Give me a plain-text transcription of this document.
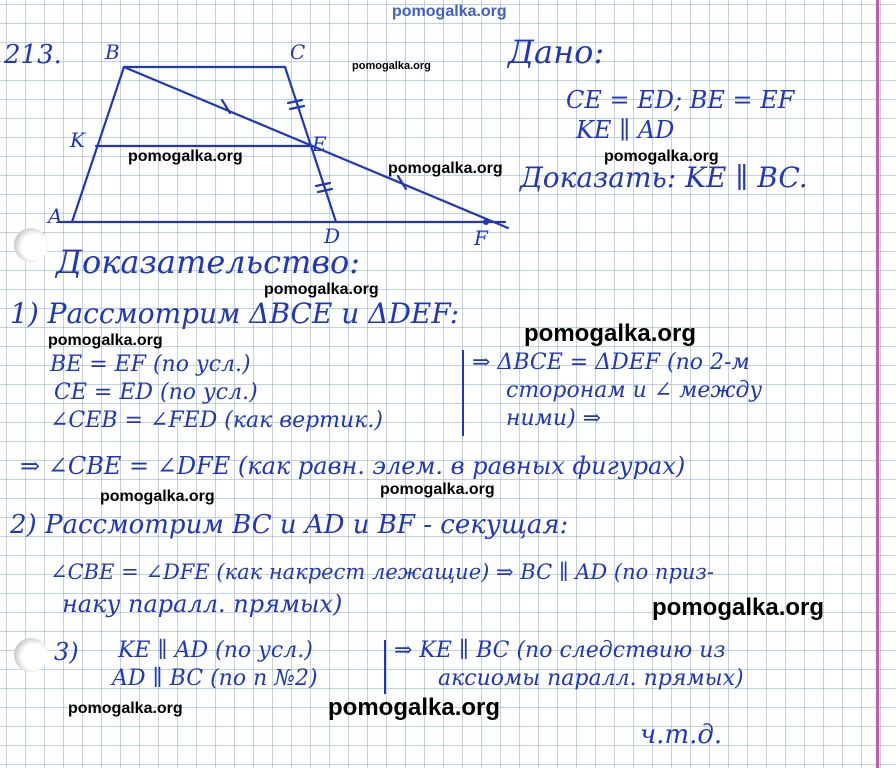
pomogalka.org
B	C
K	E
A
D	F
213.	Дано:
CE = ED; BE = EF
KE ∥ AD
Доказать: KE ∥ BC.
Доказательство:
1) Рассмотрим ΔBCE и ΔDEF:
BE = EF (по усл.)
CE = ED (по усл.)
∠CEB = ∠FED (как вертик.)
⇒ ΔBCE = ΔDEF (по 2-м
сторонам и ∠ между
ними) ⇒
⇒ ∠CBE = ∠DFE (как равн. элем. в равных фигурах)
2) Рассмотрим BC и AD и BF - секущая:
∠CBE = ∠DFE (как накрест лежащие) ⇒ BC ∥ AD (по приз-
наку паралл. прямых)
3) KE ∥ AD (по усл.)
AD ∥ BC (по п №2)
⇒ KE ∥ BC (по следствию из
аксиомы паралл. прямых)
ч.т.д.
pomogalka.org
pomogalka.org
pomogalka.org
pomogalka.org
pomogalka.org
pomogalka.org
pomogalka.org
pomogalka.org	pomogalka.org
pomogalka.org
pomogalka.org	pomogalka.org
